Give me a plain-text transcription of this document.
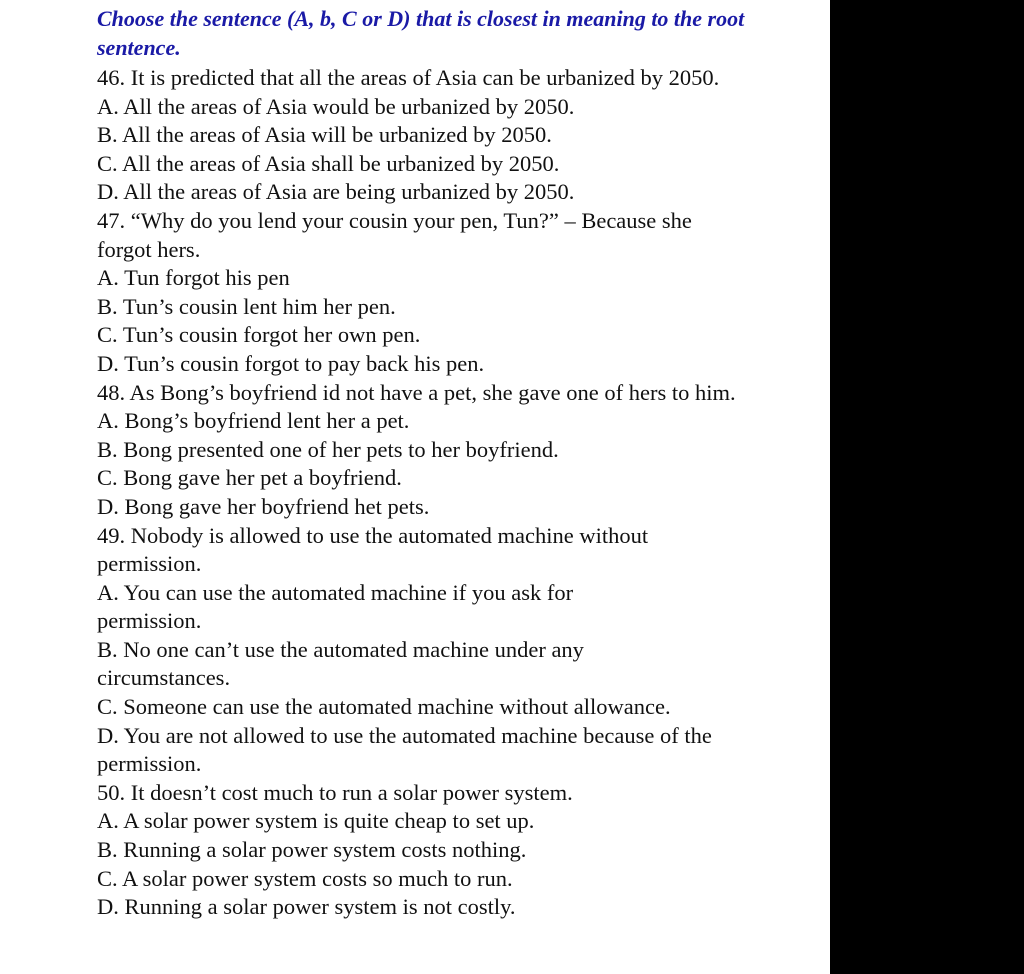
Choose the sentence (A, b, C or D) that is closest in meaning to the root sentence.

46. It is predicted that all the areas of Asia can be urbanized by 2050.

A. All the areas of Asia would be urbanized by 2050.

B. All the areas of Asia will be urbanized by 2050.

C. All the areas of Asia shall be urbanized by 2050.

D. All the areas of Asia are being urbanized by 2050.

47. “Why do you lend your cousin your pen, Tun?” – Because she forgot hers.

A. Tun forgot his pen

B. Tun’s cousin lent him her pen.

C. Tun’s cousin forgot her own pen.

D. Tun’s cousin forgot to pay back his pen.

48. As Bong’s boyfriend id not have a pet, she gave one of hers to him.

A. Bong’s boyfriend lent her a pet.

B. Bong presented one of her pets to her boyfriend.

C. Bong gave her pet a boyfriend.

D. Bong gave her boyfriend het pets.

49. Nobody is allowed to use the automated machine without permission.

A. You can use the automated machine if you ask for permission.

B. No one can’t use the automated machine under any circumstances.

C. Someone can use the automated machine without allowance.

D. You are not allowed to use the automated machine because of the permission.

50. It doesn’t cost much to run a solar power system.

A. A solar power system is quite cheap to set up.

B. Running a solar power system costs nothing.

C. A solar power system costs so much to run.

D. Running a solar power system is not costly.
